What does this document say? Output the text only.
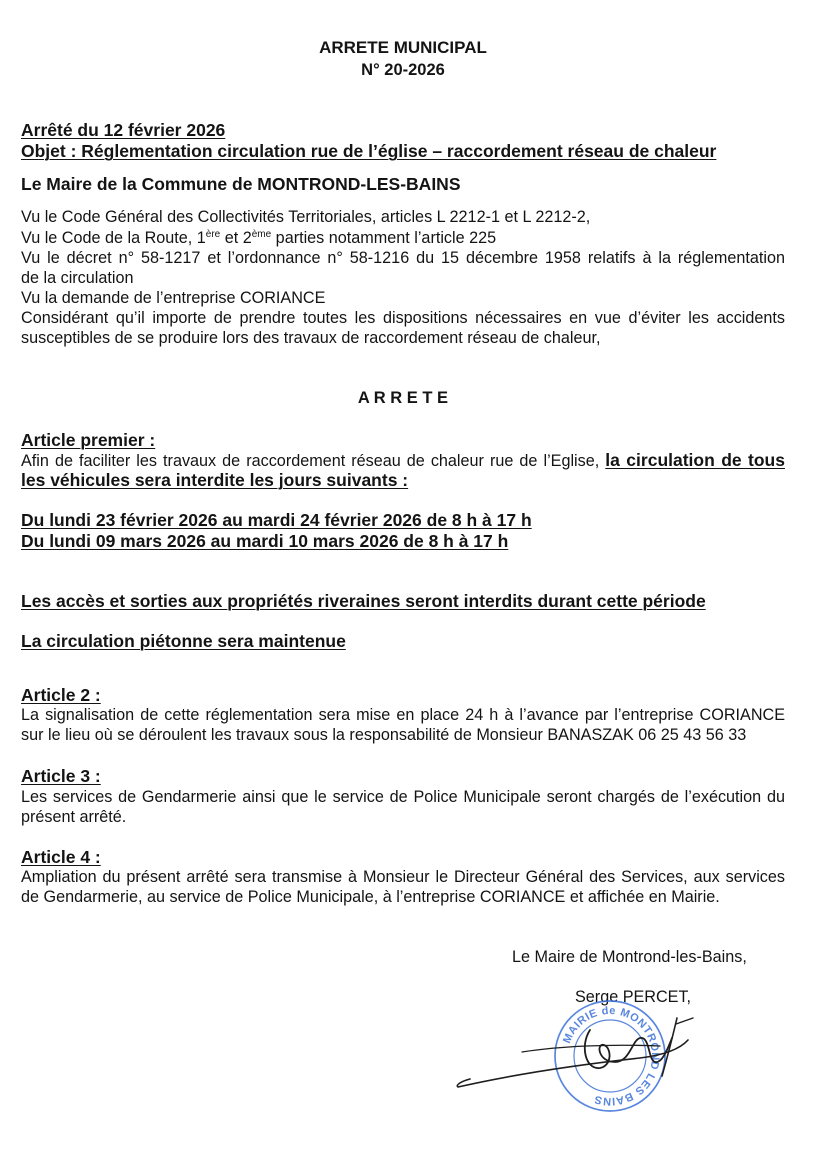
ARRETE MUNICIPAL
N° 20-2026
Arrêté du 12 février 2026
Objet : Réglementation circulation rue de l’église – raccordement réseau de chaleur
Le Maire de la Commune de MONTROND-LES-BAINS
Vu le Code Général des Collectivités Territoriales, articles L 2212-1 et L 2212-2,
Vu le Code de la Route, 1ère et 2ème parties notamment l’article 225
Vu le décret n° 58-1217 et l’ordonnance n° 58-1216 du 15 décembre 1958 relatifs à la réglementation
de la circulation
Vu la demande de l’entreprise CORIANCE
Considérant qu’il importe de prendre toutes les dispositions nécessaires en vue d’éviter les accidents
susceptibles de se produire lors des travaux de raccordement réseau de chaleur,
A R R E T E
Article premier :
Afin de faciliter les travaux de raccordement réseau de chaleur rue de l’Eglise, la circulation de tous
les véhicules sera interdite les jours suivants :
Du lundi 23 février 2026 au mardi 24 février 2026 de 8 h à 17 h
Du lundi 09 mars 2026 au mardi 10 mars 2026 de 8 h à 17 h
Les accès et sorties aux propriétés riveraines seront interdits durant cette période
La circulation piétonne sera maintenue
Article 2 :
La signalisation de cette réglementation sera mise en place 24 h à l’avance par l’entreprise CORIANCE
sur le lieu où se déroulent les travaux sous la responsabilité de Monsieur BANASZAK 06 25 43 56 33
Article 3 :
Les services de Gendarmerie ainsi que le service de Police Municipale seront chargés de l’exécution du
présent arrêté.
Article 4 :
Ampliation du présent arrêté sera transmise à Monsieur le Directeur Général des Services, aux services
de Gendarmerie, au service de Police Municipale, à l’entreprise CORIANCE et affichée en Mairie.
Le Maire de Montrond-les-Bains,
Serge PERCET,
MAIRIE de MONTROND LES BAINS
